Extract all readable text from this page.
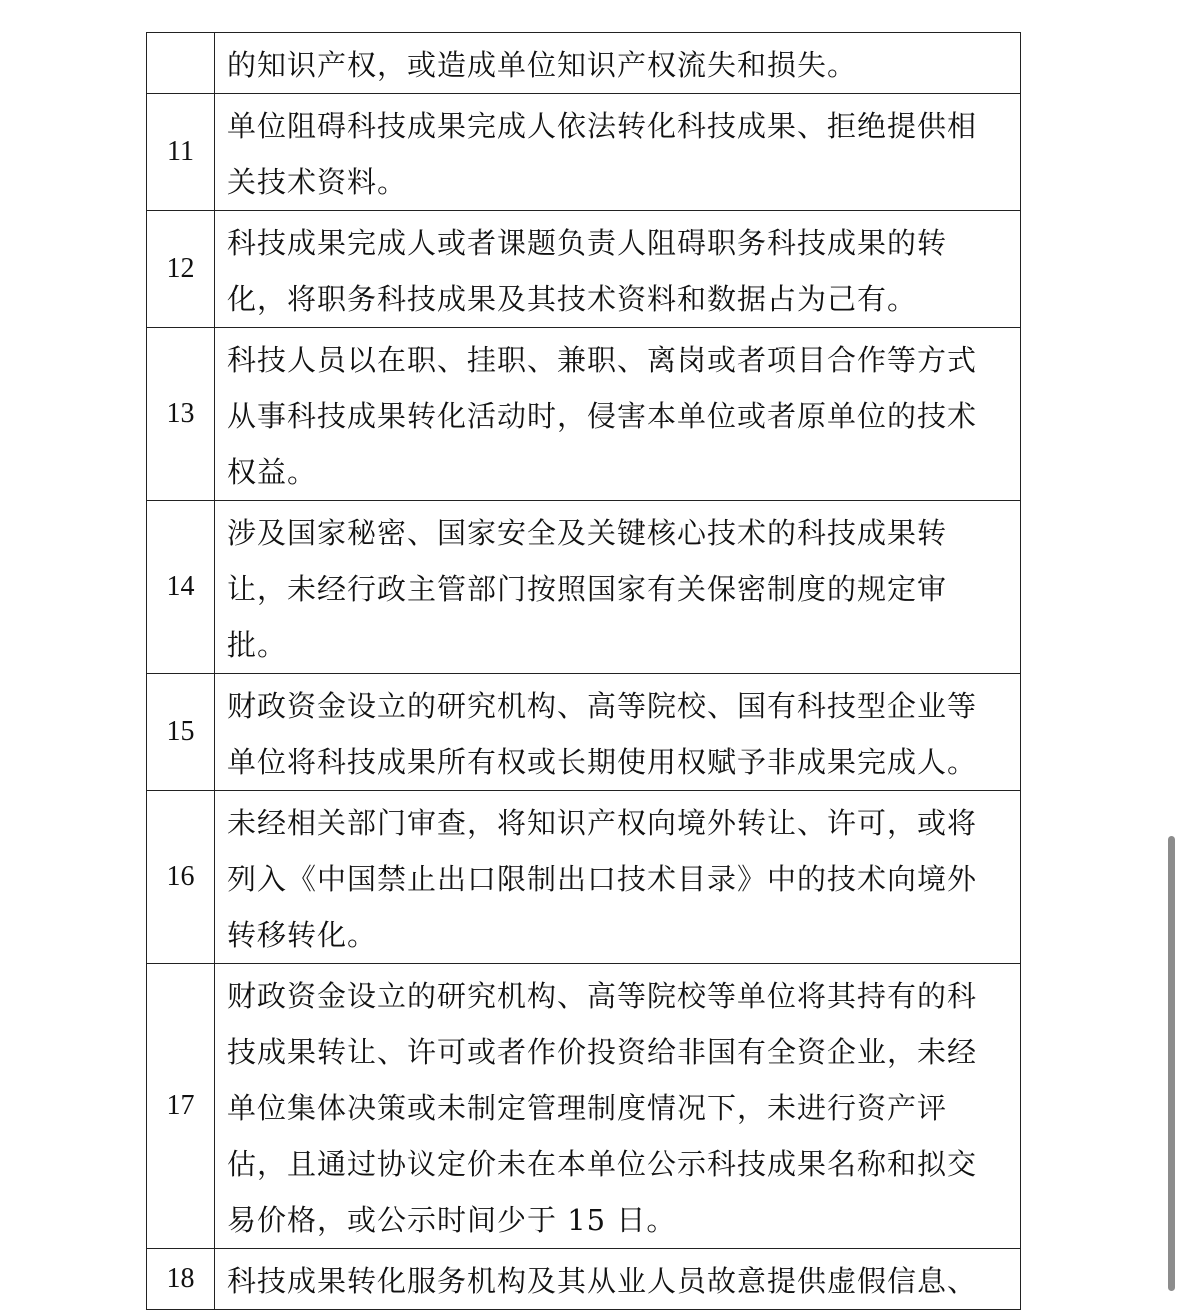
	的知识产权，或造成单位知识产权流失和损失。

11	单位阻碍科技成果完成人依法转化科技成果、拒绝提供相
关技术资料。

12	科技成果完成人或者课题负责人阻碍职务科技成果的转
化，将职务科技成果及其技术资料和数据占为己有。

13	科技人员以在职、挂职、兼职、离岗或者项目合作等方式
从事科技成果转化活动时，侵害本单位或者原单位的技术
权益。

14	涉及国家秘密、国家安全及关键核心技术的科技成果转
让，未经行政主管部门按照国家有关保密制度的规定审
批。

15	财政资金设立的研究机构、高等院校、国有科技型企业等
单位将科技成果所有权或长期使用权赋予非成果完成人。

16	未经相关部门审查，将知识产权向境外转让、许可，或将
列入《中国禁止出口限制出口技术目录》中的技术向境外
转移转化。

17	财政资金设立的研究机构、高等院校等单位将其持有的科
技成果转让、许可或者作价投资给非国有全资企业，未经
单位集体决策或未制定管理制度情况下，未进行资产评
估，且通过协议定价未在本单位公示科技成果名称和拟交
易价格，或公示时间少于 15 日。

18	科技成果转化服务机构及其从业人员故意提供虚假信息、
